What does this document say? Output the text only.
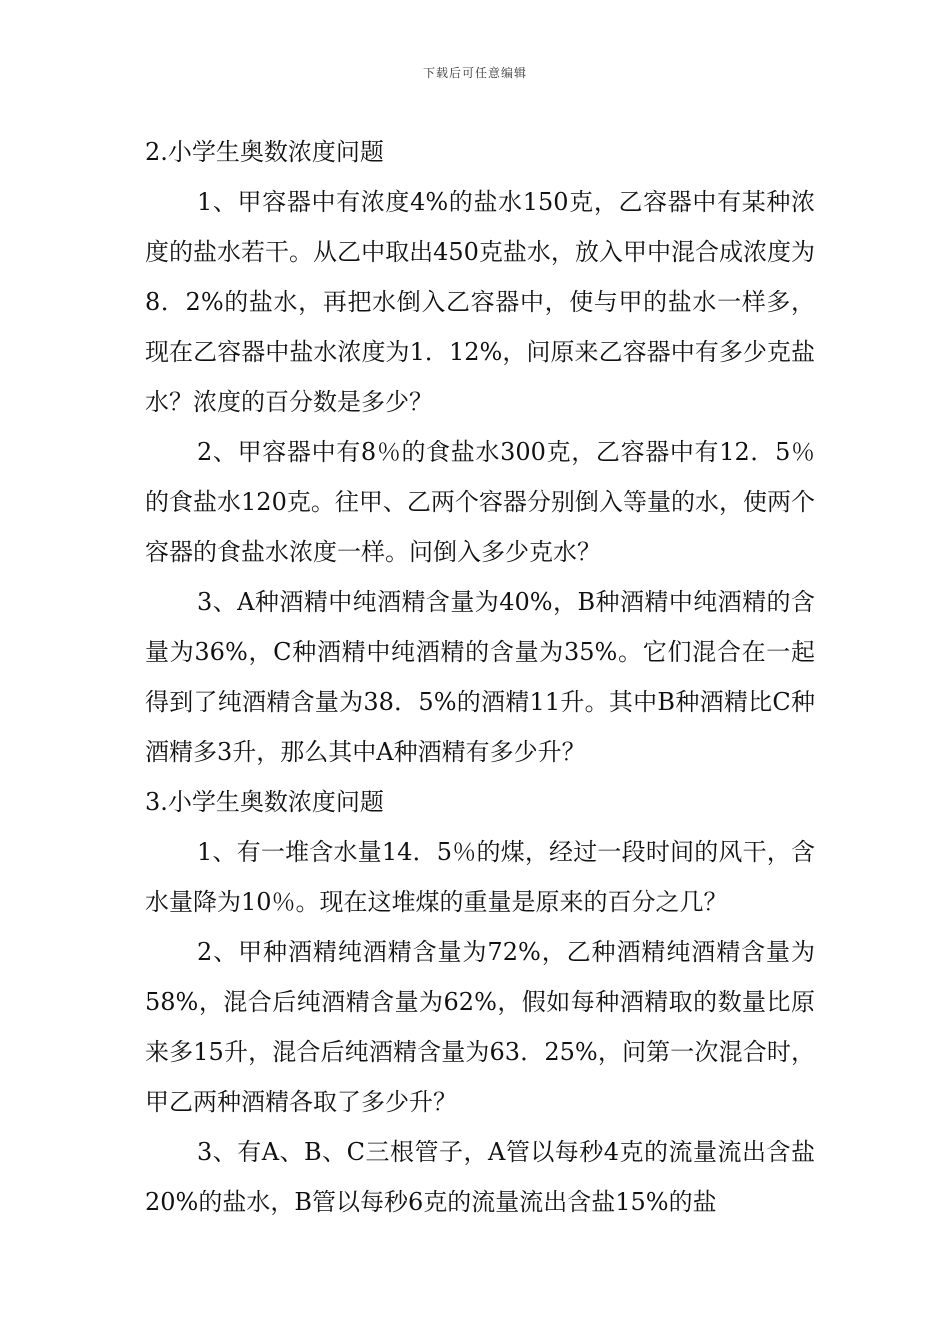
下载后可任意编辑

2.小学生奥数浓度问题

1、甲容器中有浓度4%的盐水150克，乙容器中有某种浓度的盐水若干。从乙中取出450克盐水，放入甲中混合成浓度为8．2%的盐水，再把水倒入乙容器中，使与甲的盐水一样多，现在乙容器中盐水浓度为1．12%，问原来乙容器中有多少克盐水？浓度的百分数是多少？

2、甲容器中有8％的食盐水300克，乙容器中有12．5％的食盐水120克。往甲、乙两个容器分别倒入等量的水，使两个容器的食盐水浓度一样。问倒入多少克水？

3、A种酒精中纯酒精含量为40%，B种酒精中纯酒精的含量为36%，C种酒精中纯酒精的含量为35%。它们混合在一起得到了纯酒精含量为38．5%的酒精11升。其中B种酒精比C种酒精多3升，那么其中A种酒精有多少升？

3.小学生奥数浓度问题

1、有一堆含水量14．5％的煤，经过一段时间的风干，含水量降为10％。现在这堆煤的重量是原来的百分之几？

2、甲种酒精纯酒精含量为72%，乙种酒精纯酒精含量为58%，混合后纯酒精含量为62%，假如每种酒精取的数量比原来多15升，混合后纯酒精含量为63．25%，问第一次混合时，甲乙两种酒精各取了多少升？

3、有A、B、C三根管子，A管以每秒4克的流量流出含盐20%的盐水，B管以每秒6克的流量流出含盐15%的盐
